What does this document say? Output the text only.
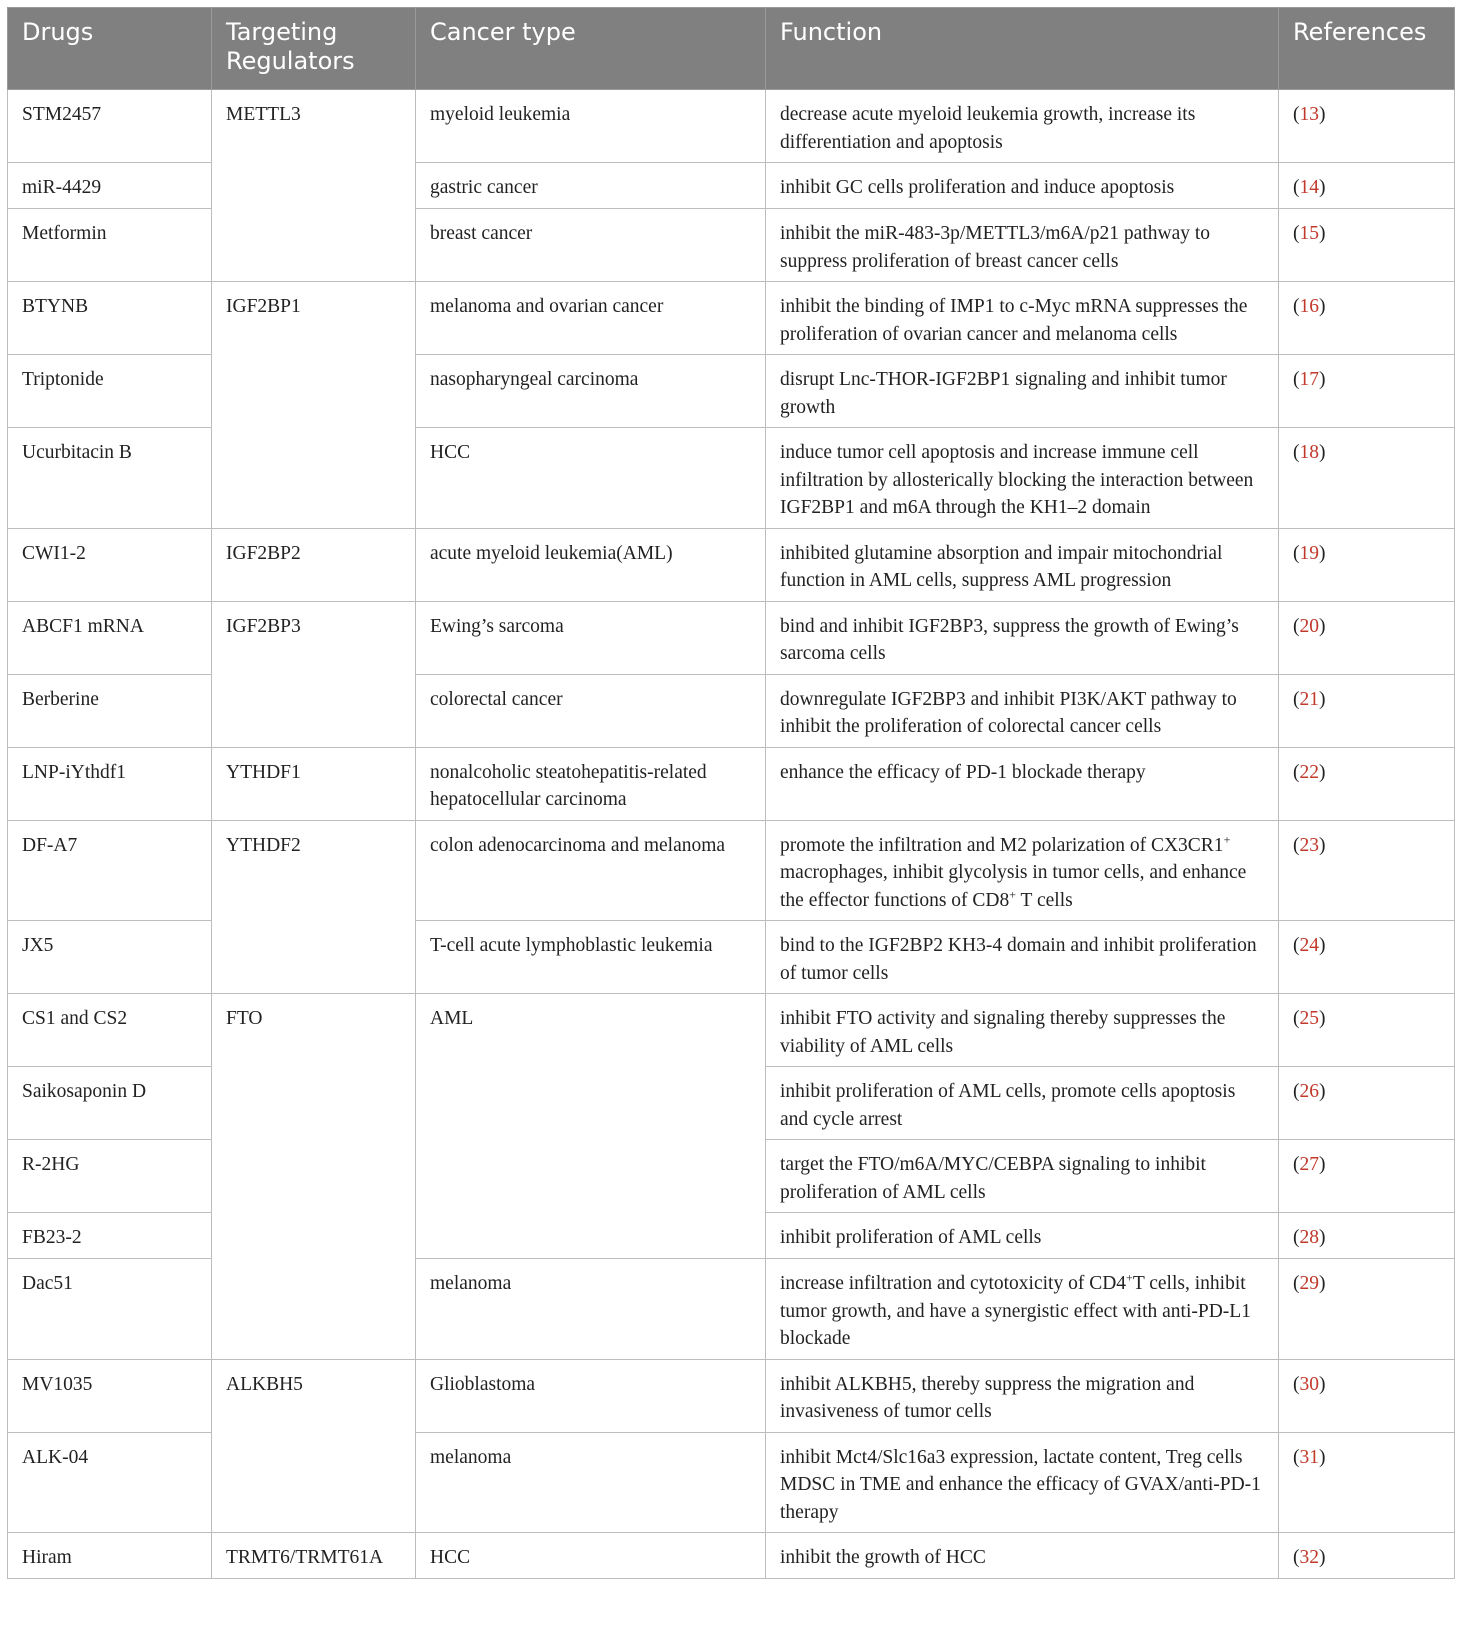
Drugs	Targeting Regulators	Cancer type	Function	References
STM2457	METTL3	myeloid leukemia	decrease acute myeloid leukemia growth, increase its differentiation and apoptosis	(13)
miR-4429		gastric cancer	inhibit GC cells proliferation and induce apoptosis	(14)
Metformin		breast cancer	inhibit the miR-483-3p/METTL3/m6A/p21 pathway to suppress proliferation of breast cancer cells	(15)
BTYNB	IGF2BP1	melanoma and ovarian cancer	inhibit the binding of IMP1 to c-Myc mRNA suppresses the proliferation of ovarian cancer and melanoma cells	(16)
Triptonide		nasopharyngeal carcinoma	disrupt Lnc-THOR-IGF2BP1 signaling and inhibit tumor growth	(17)
Ucurbitacin B		HCC	induce tumor cell apoptosis and increase immune cell infiltration by allosterically blocking the interaction between IGF2BP1 and m6A through the KH1–2 domain	(18)
CWI1-2	IGF2BP2	acute myeloid leukemia(AML)	inhibited glutamine absorption and impair mitochondrial function in AML cells, suppress AML progression	(19)
ABCF1 mRNA	IGF2BP3	Ewing’s sarcoma	bind and inhibit IGF2BP3, suppress the growth of Ewing’s sarcoma cells	(20)
Berberine		colorectal cancer	downregulate IGF2BP3 and inhibit PI3K/AKT pathway to inhibit the proliferation of colorectal cancer cells	(21)
LNP-iYthdf1	YTHDF1	nonalcoholic steatohepatitis-related hepatocellular carcinoma	enhance the efficacy of PD-1 blockade therapy	(22)
DF-A7	YTHDF2	colon adenocarcinoma and melanoma	promote the infiltration and M2 polarization of CX3CR1+ macrophages, inhibit glycolysis in tumor cells, and enhance the effector functions of CD8+ T cells	(23)
JX5		T-cell acute lymphoblastic leukemia	bind to the IGF2BP2 KH3-4 domain and inhibit proliferation of tumor cells	(24)
CS1 and CS2	FTO	AML	inhibit FTO activity and signaling thereby suppresses the viability of AML cells	(25)
Saikosaponin D			inhibit proliferation of AML cells, promote cells apoptosis and cycle arrest	(26)
R-2HG			target the FTO/m6A/MYC/CEBPA signaling to inhibit proliferation of AML cells	(27)
FB23-2			inhibit proliferation of AML cells	(28)
Dac51		melanoma	increase infiltration and cytotoxicity of CD4+T cells, inhibit tumor growth, and have a synergistic effect with anti-PD-L1 blockade	(29)
MV1035	ALKBH5	Glioblastoma	inhibit ALKBH5, thereby suppress the migration and invasiveness of tumor cells	(30)
ALK-04		melanoma	inhibit Mct4/Slc16a3 expression, lactate content, Treg cells MDSC in TME and enhance the efficacy of GVAX/anti-PD-1 therapy	(31)
Hiram	TRMT6/TRMT61A	HCC	inhibit the growth of HCC	(32)
